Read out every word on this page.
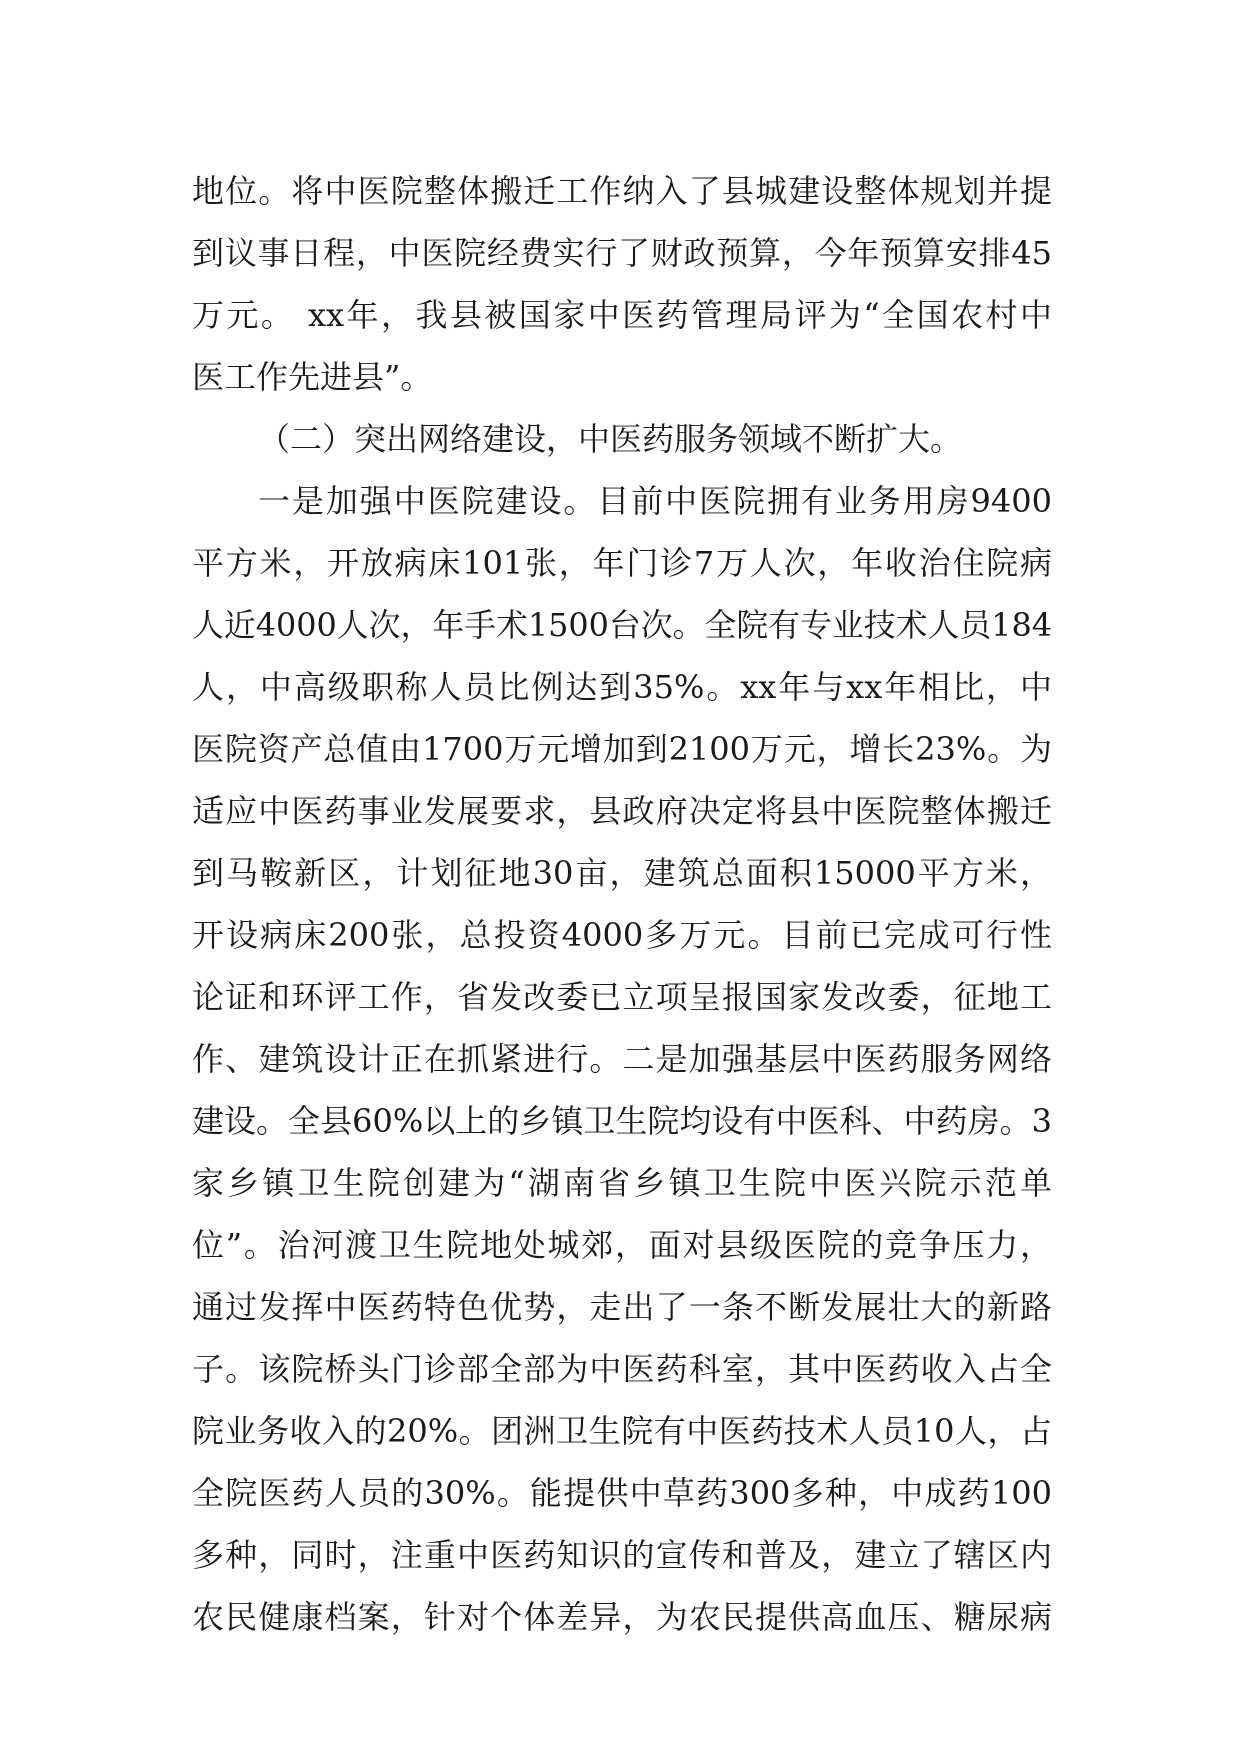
地位。将中医院整体搬迁工作纳入了县城建设整体规划并提
到议事日程，中医院经费实行了财政预算，今年预算安排45
万元。 xx年，我县被国家中医药管理局评为“全国农村中
医工作先进县”。
（二）突出网络建设，中医药服务领域不断扩大。
一是加强中医院建设。目前中医院拥有业务用房9400
平方米，开放病床101张，年门诊7万人次，年收治住院病
人近4000人次，年手术1500台次。全院有专业技术人员184
人，中高级职称人员比例达到35%。xx年与xx年相比，中
医院资产总值由1700万元增加到2100万元，增长23%。为
适应中医药事业发展要求，县政府决定将县中医院整体搬迁
到马鞍新区，计划征地30亩，建筑总面积15000平方米，
开设病床200张，总投资4000多万元。目前已完成可行性
论证和环评工作，省发改委已立项呈报国家发改委，征地工
作、建筑设计正在抓紧进行。二是加强基层中医药服务网络
建设。全县60%以上的乡镇卫生院均设有中医科、中药房。3
家乡镇卫生院创建为“湖南省乡镇卫生院中医兴院示范单
位”。治河渡卫生院地处城郊，面对县级医院的竞争压力，
通过发挥中医药特色优势，走出了一条不断发展壮大的新路
子。该院桥头门诊部全部为中医药科室，其中医药收入占全
院业务收入的20%。团洲卫生院有中医药技术人员10人，占
全院医药人员的30%。能提供中草药300多种，中成药100
多种，同时，注重中医药知识的宣传和普及，建立了辖区内
农民健康档案，针对个体差异，为农民提供高血压、糖尿病
